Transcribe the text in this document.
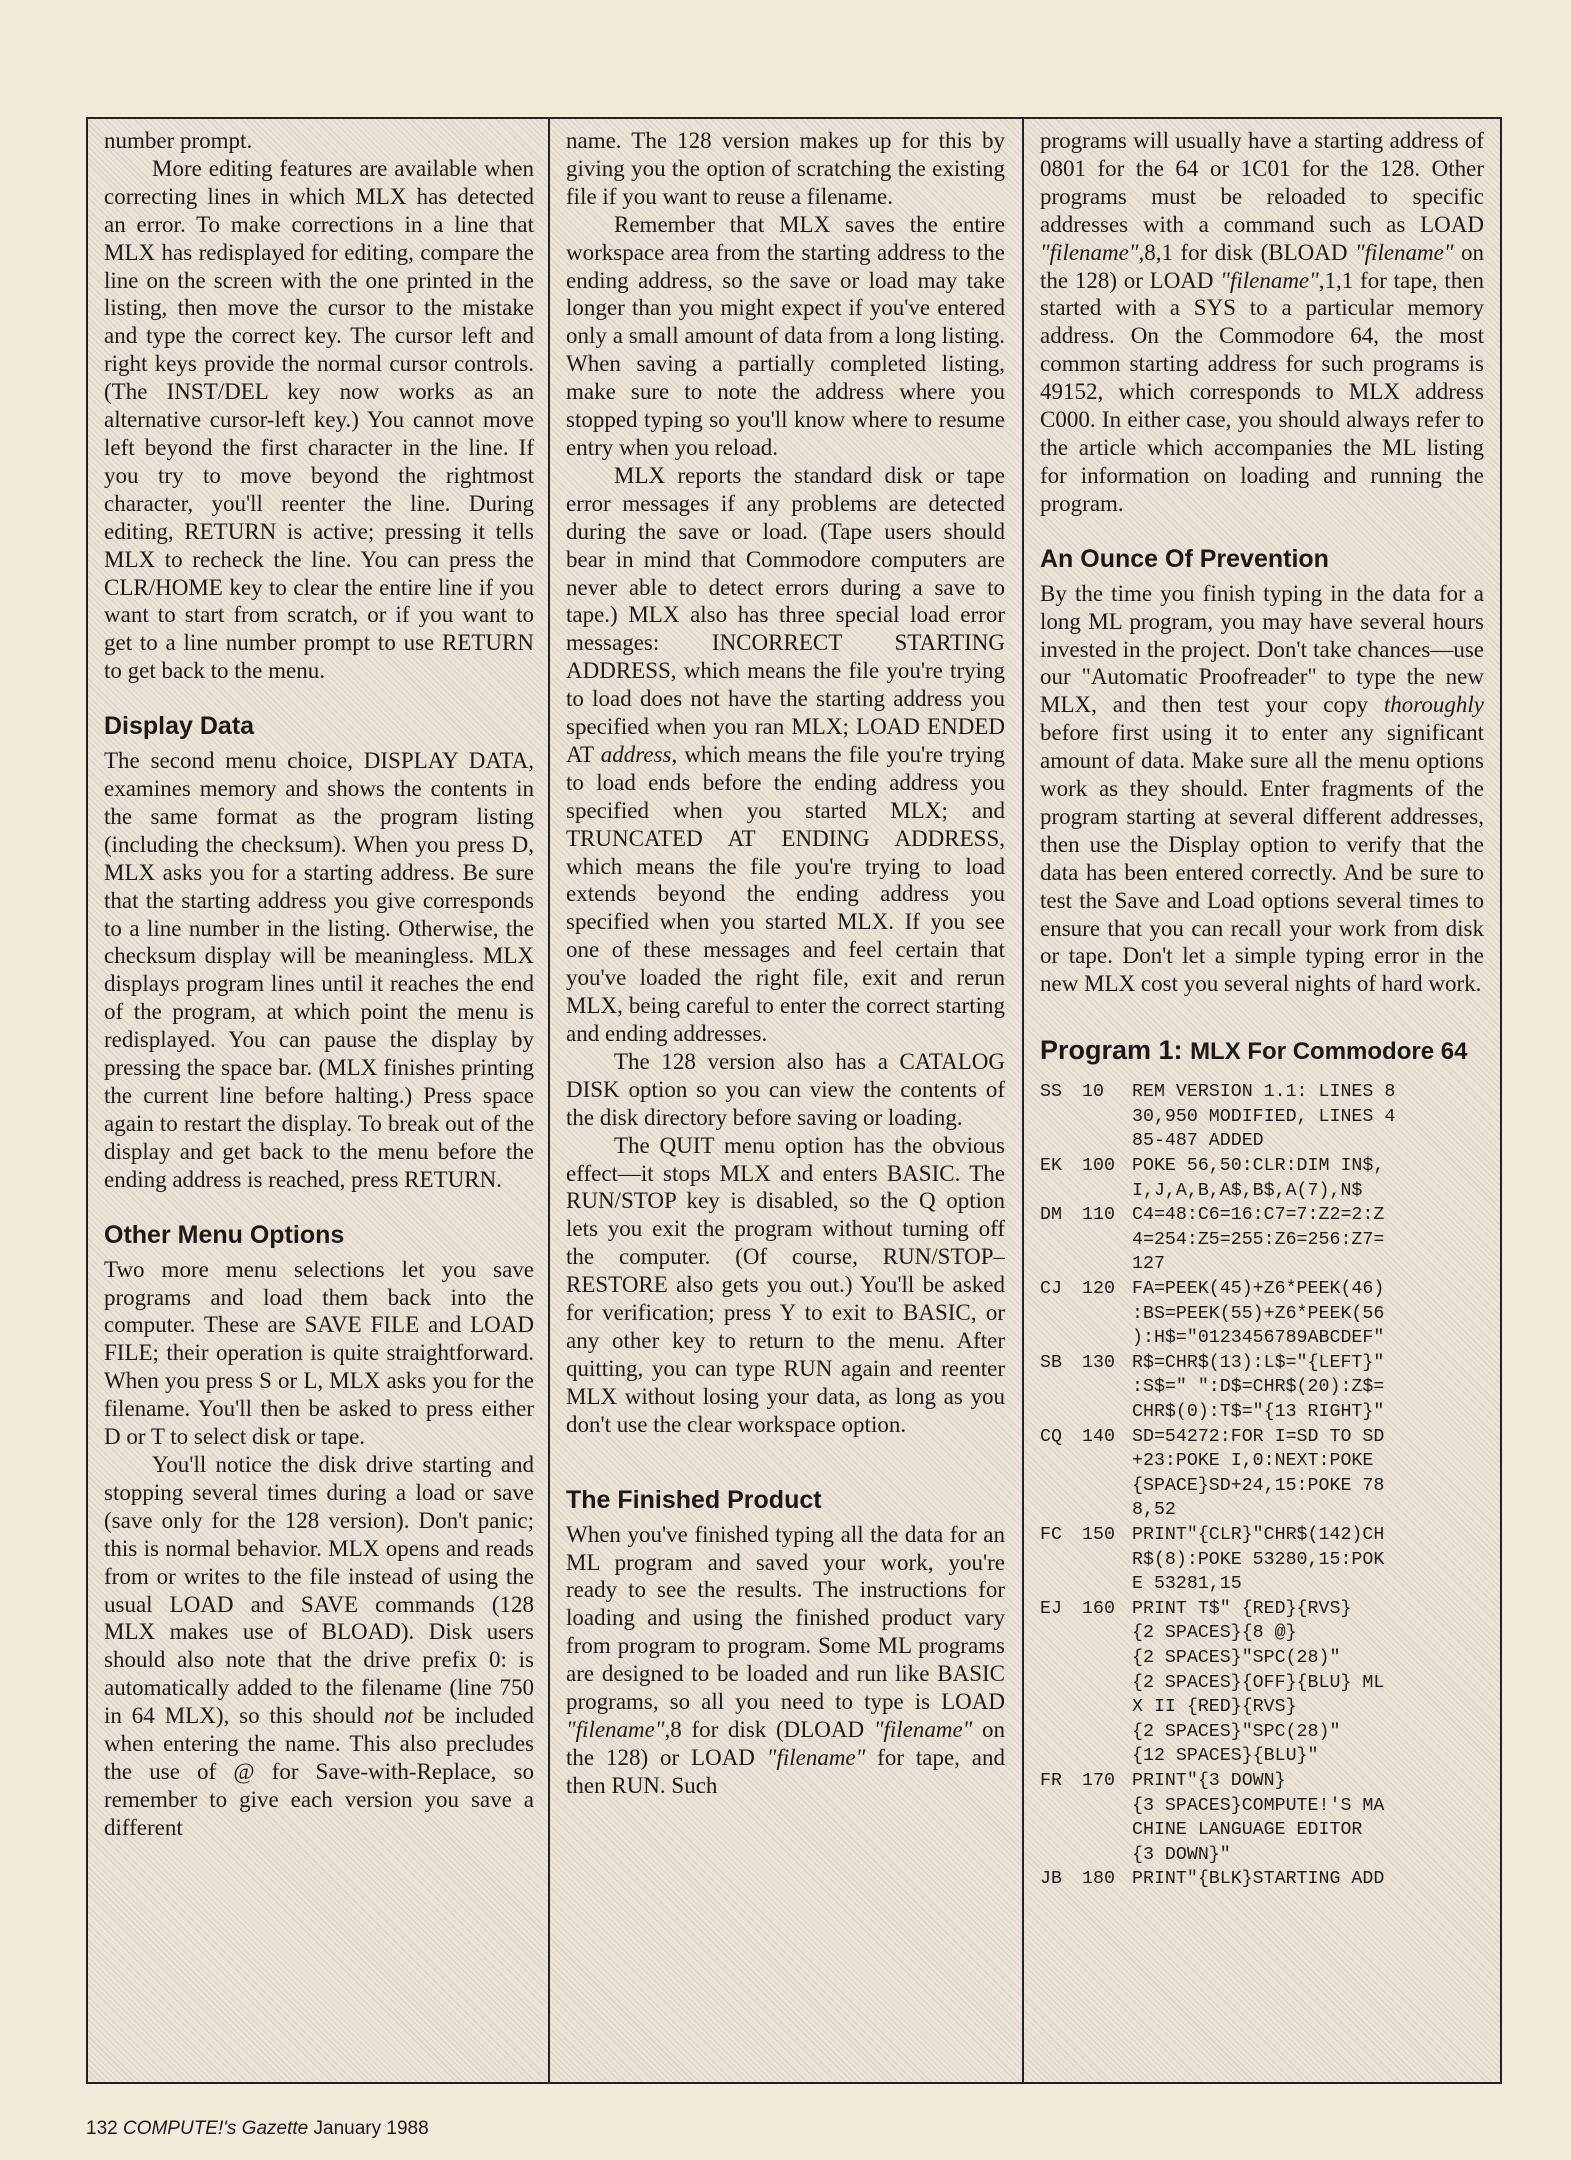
number prompt.

More editing features are available when correcting lines in which MLX has detected an error. To make corrections in a line that MLX has redisplayed for editing, compare the line on the screen with the one printed in the listing, then move the cursor to the mistake and type the correct key. The cursor left and right keys provide the normal cursor controls. (The INST/DEL key now works as an alternative cursor-left key.) You cannot move left beyond the first character in the line. If you try to move beyond the rightmost character, you'll reenter the line. During editing, RETURN is active; pressing it tells MLX to recheck the line. You can press the CLR/HOME key to clear the entire line if you want to start from scratch, or if you want to get to a line number prompt to use RETURN to get back to the menu.

Display Data

The second menu choice, DISPLAY DATA, examines memory and shows the contents in the same format as the program listing (including the checksum). When you press D, MLX asks you for a starting address. Be sure that the starting address you give corresponds to a line number in the listing. Otherwise, the checksum display will be meaningless. MLX displays program lines until it reaches the end of the program, at which point the menu is redisplayed. You can pause the display by pressing the space bar. (MLX finishes printing the current line before halting.) Press space again to restart the display. To break out of the display and get back to the menu before the ending address is reached, press RETURN.

Other Menu Options

Two more menu selections let you save programs and load them back into the computer. These are SAVE FILE and LOAD FILE; their operation is quite straightforward. When you press S or L, MLX asks you for the filename. You'll then be asked to press either D or T to select disk or tape.

You'll notice the disk drive starting and stopping several times during a load or save (save only for the 128 version). Don't panic; this is normal behavior. MLX opens and reads from or writes to the file instead of using the usual LOAD and SAVE commands (128 MLX makes use of BLOAD). Disk users should also note that the drive prefix 0: is automatically added to the filename (line 750 in 64 MLX), so this should not be included when entering the name. This also precludes the use of @ for Save-with-Replace, so remember to give each version you save a different

name. The 128 version makes up for this by giving you the option of scratching the existing file if you want to reuse a filename.

Remember that MLX saves the entire workspace area from the starting address to the ending address, so the save or load may take longer than you might expect if you've entered only a small amount of data from a long listing. When saving a partially completed listing, make sure to note the address where you stopped typing so you'll know where to resume entry when you reload.

MLX reports the standard disk or tape error messages if any problems are detected during the save or load. (Tape users should bear in mind that Commodore computers are never able to detect errors during a save to tape.) MLX also has three special load error messages: INCORRECT STARTING ADDRESS, which means the file you're trying to load does not have the starting address you specified when you ran MLX; LOAD ENDED AT address, which means the file you're trying to load ends before the ending address you specified when you started MLX; and TRUNCATED AT ENDING ADDRESS, which means the file you're trying to load extends beyond the ending address you specified when you started MLX. If you see one of these messages and feel certain that you've loaded the right file, exit and rerun MLX, being careful to enter the correct starting and ending addresses.

The 128 version also has a CATALOG DISK option so you can view the contents of the disk directory before saving or loading.

The QUIT menu option has the obvious effect—it stops MLX and enters BASIC. The RUN/STOP key is disabled, so the Q option lets you exit the program without turning off the computer. (Of course, RUN/STOP–RESTORE also gets you out.) You'll be asked for verification; press Y to exit to BASIC, or any other key to return to the menu. After quitting, you can type RUN again and reenter MLX without losing your data, as long as you don't use the clear workspace option.

The Finished Product

When you've finished typing all the data for an ML program and saved your work, you're ready to see the results. The instructions for loading and using the finished product vary from program to program. Some ML programs are designed to be loaded and run like BASIC programs, so all you need to type is LOAD "filename",8 for disk (DLOAD "filename" on the 128) or LOAD "filename" for tape, and then RUN. Such

programs will usually have a starting address of 0801 for the 64 or 1C01 for the 128. Other programs must be reloaded to specific addresses with a command such as LOAD "filename",8,1 for disk (BLOAD "filename" on the 128) or LOAD "filename",1,1 for tape, then started with a SYS to a particular memory address. On the Commodore 64, the most common starting address for such programs is 49152, which corresponds to MLX address C000. In either case, you should always refer to the article which accompanies the ML listing for information on loading and running the program.

An Ounce Of Prevention

By the time you finish typing in the data for a long ML program, you may have several hours invested in the project. Don't take chances—use our "Automatic Proofreader" to type the new MLX, and then test your copy thoroughly before first using it to enter any significant amount of data. Make sure all the menu options work as they should. Enter fragments of the program starting at several different addresses, then use the Display option to verify that the data has been entered correctly. And be sure to test the Save and Load options several times to ensure that you can recall your work from disk or tape. Don't let a simple typing error in the new MLX cost you several nights of hard work.

Program 1: MLX For Commodore 64
SS	10	REM VERSION 1.1: LINES 8
30,950 MODIFIED, LINES 4
85-487 ADDED
EK	100 POKE 56,50:CLR:DIM IN$,
I,J,A,B,A$,B$,A(7),N$
DM	110 C4=48:C6=16:C7=7:Z2=2:Z
4=254:Z5=255:Z6=256:Z7=
127
CJ	120 FA=PEEK(45)+Z6*PEEK(46)
:BS=PEEK(55)+Z6*PEEK(56
):H$="0123456789ABCDEF"
SB	130 R$=CHR$(13):L$="{LEFT}"
:S$=" ":D$=CHR$(20):Z$=
CHR$(0):T$="{13 RIGHT}"
CQ	140 SD=54272:FOR I=SD TO SD
+23:POKE I,0:NEXT:POKE
{SPACE}SD+24,15:POKE 78
8,52
FC	150 PRINT"{CLR}"CHR$(142)CH
R$(8):POKE 53280,15:POK
E 53281,15
EJ	160 PRINT T$" {RED}{RVS}
{2 SPACES}{8 @}
{2 SPACES}"SPC(28)"
{2 SPACES}{OFF}{BLU} ML
X II {RED}{RVS}
{2 SPACES}"SPC(28)"
{12 SPACES}{BLU}"
FR	170 PRINT"{3 DOWN}
{3 SPACES}COMPUTE!'S MA
CHINE LANGUAGE EDITOR
{3 DOWN}"
JB	180 PRINT"{BLK}STARTING ADD
132 COMPUTE!'s Gazette January 1988
